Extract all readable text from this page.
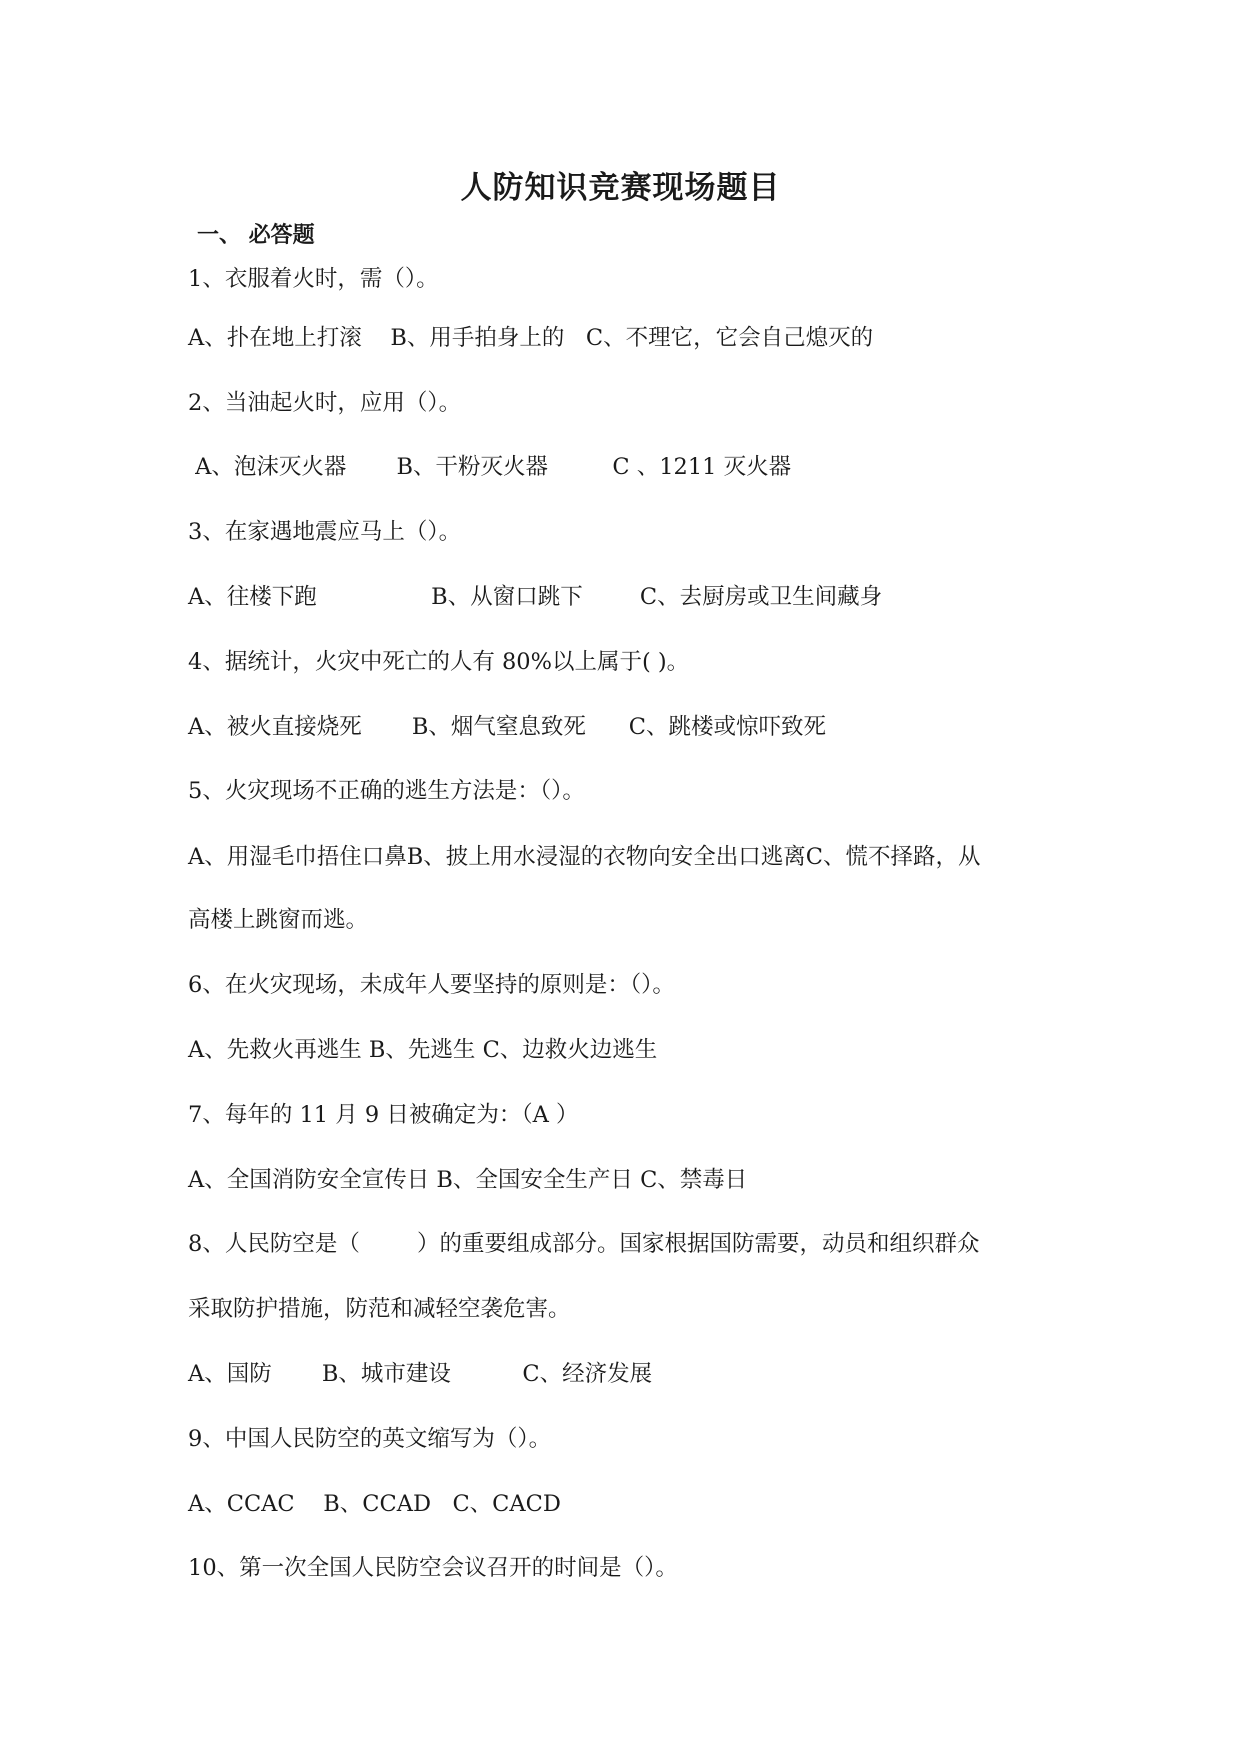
人防知识竞赛现场题目
一、 必答题
1、衣服着火时，需（）。
A、扑在地上打滚    B、用手拍身上的   C、不理它，它会自己熄灭的
2、当油起火时，应用（）。
A、泡沫灭火器       B、干粉灭火器         C 、1211 灭火器
3、在家遇地震应马上（）。
A、往楼下跑                B、从窗口跳下        C、去厨房或卫生间藏身
4、据统计，火灾中死亡的人有 80%以上属于( )。
A、被火直接烧死       B、烟气窒息致死      C、跳楼或惊吓致死
5、火灾现场不正确的逃生方法是：（）。
A、用湿毛巾捂住口鼻B、披上用水浸湿的衣物向安全出口逃离C、慌不择路，从
高楼上跳窗而逃。
6、在火灾现场，未成年人要坚持的原则是：（）。
A、先救火再逃生 B、先逃生 C、边救火边逃生
7、每年的 11 月 9 日被确定为：（A ）
A、全国消防安全宣传日 B、全国安全生产日 C、禁毒日
8、人民防空是（        ）的重要组成部分。国家根据国防需要，动员和组织群众
采取防护措施，防范和减轻空袭危害。
A、国防       B、城市建设          C、经济发展
9、中国人民防空的英文缩写为（）。
A、CCAC    B、CCAD   C、CACD
10、第一次全国人民防空会议召开的时间是（）。
